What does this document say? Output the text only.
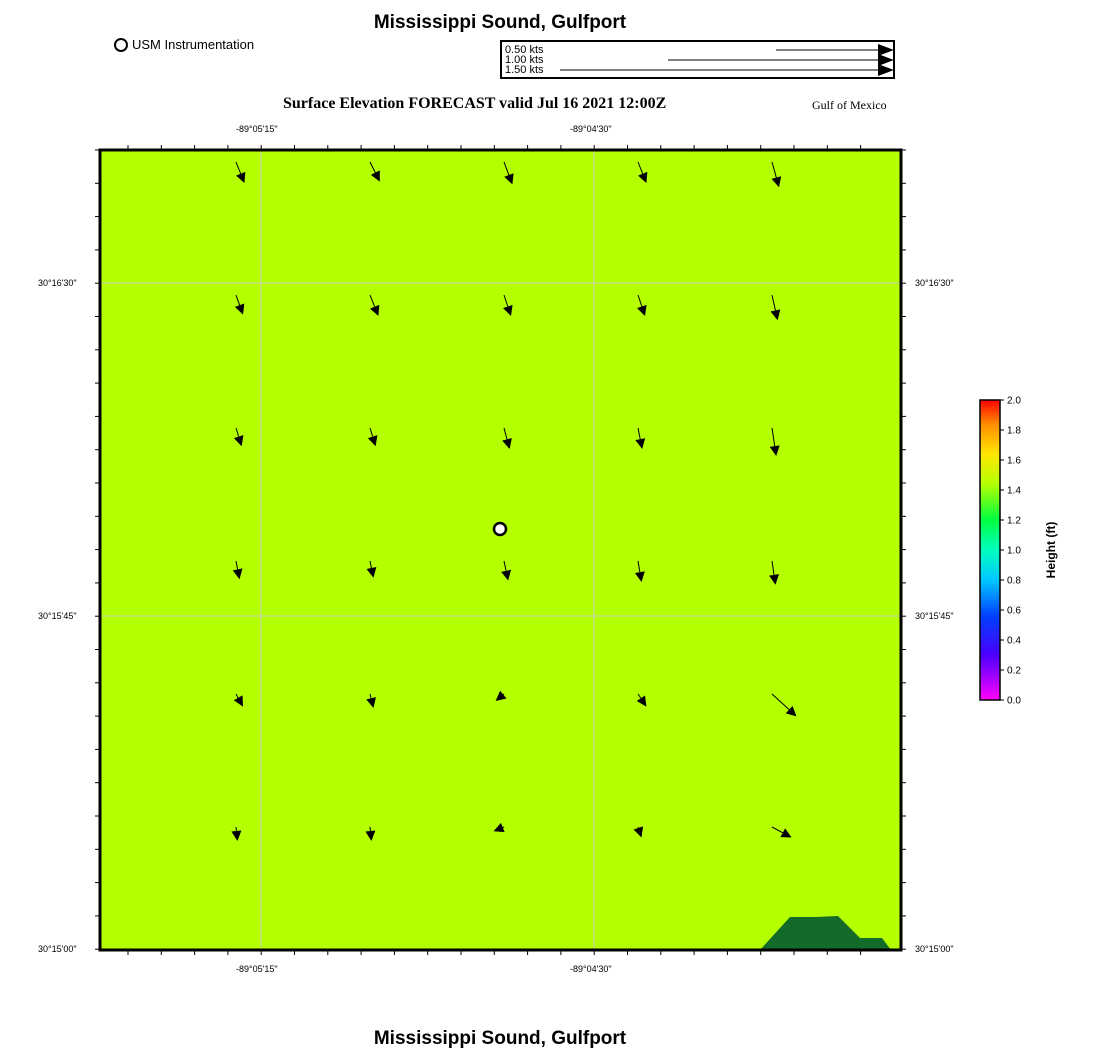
Mississippi Sound, Gulfport
USM Instrumentation	0.50 kts
1.00 kts
1.50 kts
Surface Elevation FORECAST valid Jul 16 2021 12:00Z	Gulf of Mexico
-89°05'15"	-89°04'30"
30°16'30"
30°15'45"
30°15'00"
30°16'30"
30°15'45"
30°15'00"
-89°05'15"	-89°04'30"
0.0
0.2
0.4
0.6
0.8
1.0
1.2
1.4
1.6
1.8
2.0
Height (ft)
Mississippi Sound, Gulfport
